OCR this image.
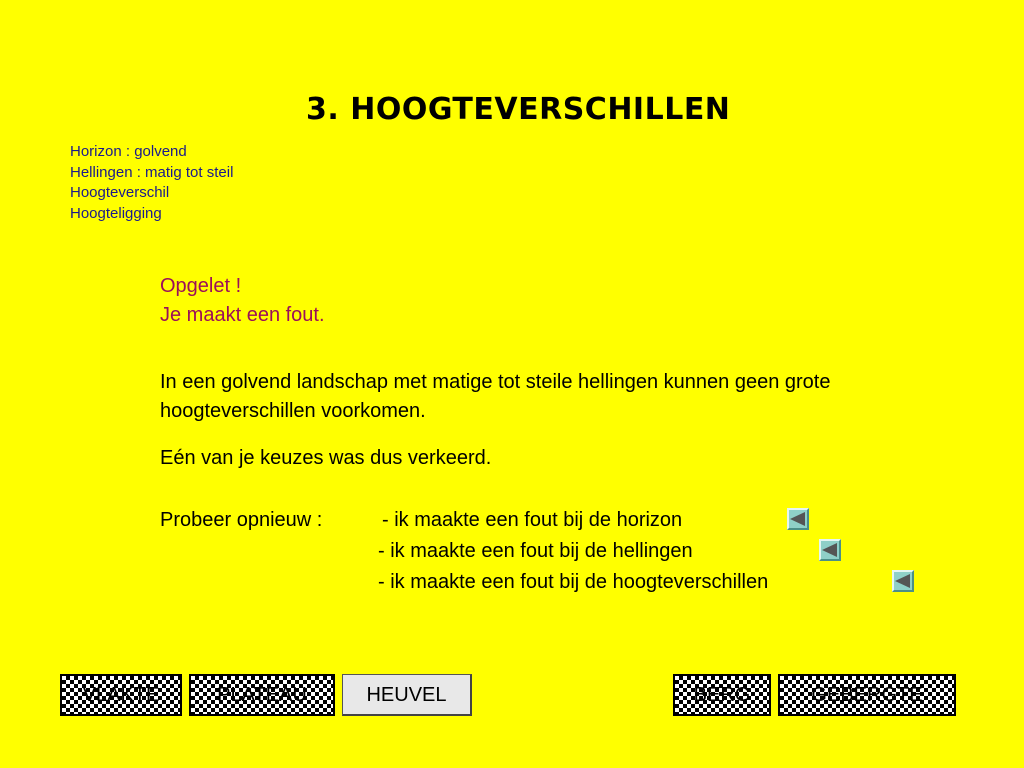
3. HOOGTEVERSCHILLEN
Horizon : golvend
Hellingen : matig tot steil
Hoogteverschil
Hoogteligging
Opgelet !
Je maakt een fout.
In een golvend landschap met matige tot steile hellingen kunnen geen grote hoogteverschillen voorkomen.
Eén van je keuzes was dus verkeerd.
Probeer opnieuw :	- ik maakte een fout bij de horizon
- ik maakte een fout bij de hellingen
- ik maakte een fout bij de hoogteverschillen
VLAKTE	PLATEAU	HEUVEL	BERG	GEBERGTE
